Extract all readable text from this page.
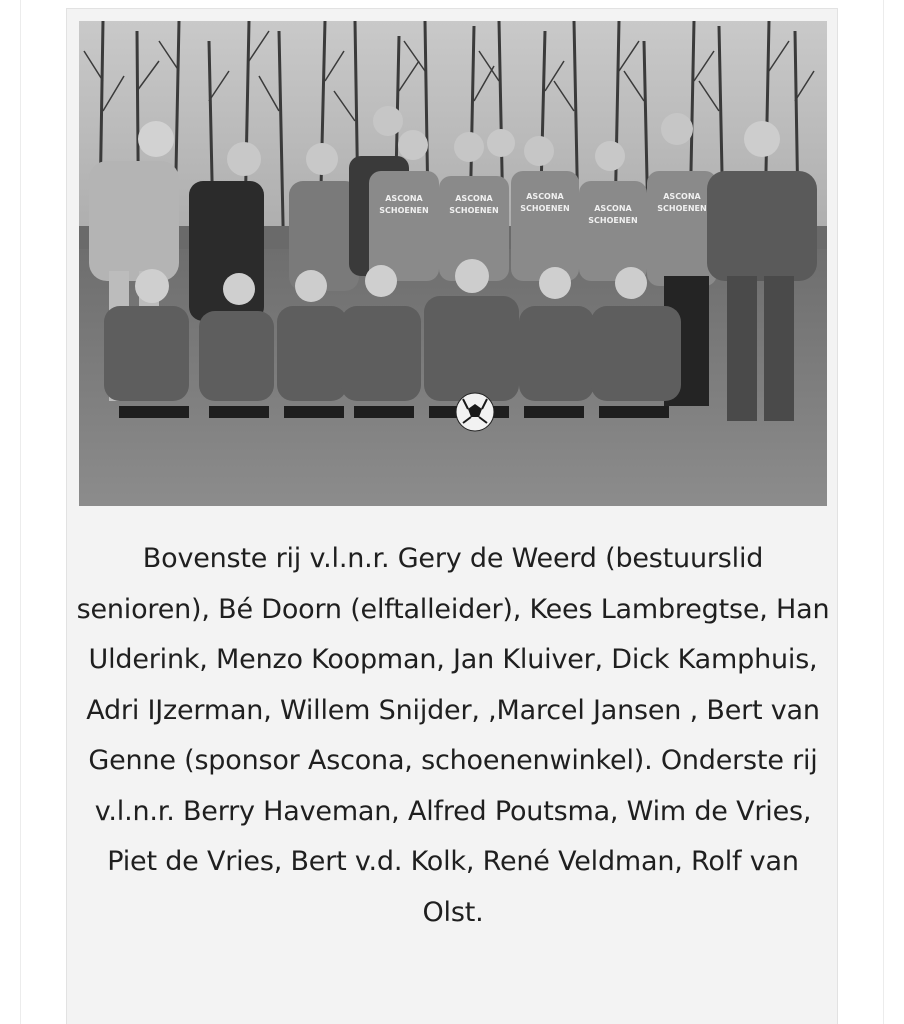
ASCONA
SCHOENEN
ASCONA
SCHOENEN
ASCONA
SCHOENEN	ASCONA
SCHOENEN
ASCONA
SCHOENEN

Bovenste rij v.l.n.r. Gery de Weerd (bestuurslid senioren), Bé Doorn (elftalleider), Kees Lambregtse, Han Ulderink, Menzo Koopman, Jan Kluiver, Dick Kamphuis, Adri IJzerman, Willem Snijder, ,Marcel Jansen , Bert van Genne (sponsor Ascona, schoenenwinkel). Onderste rij v.l.n.r. Berry Haveman, Alfred Poutsma, Wim de Vries, Piet de Vries, Bert v.d. Kolk, René Veldman, Rolf van Olst.
